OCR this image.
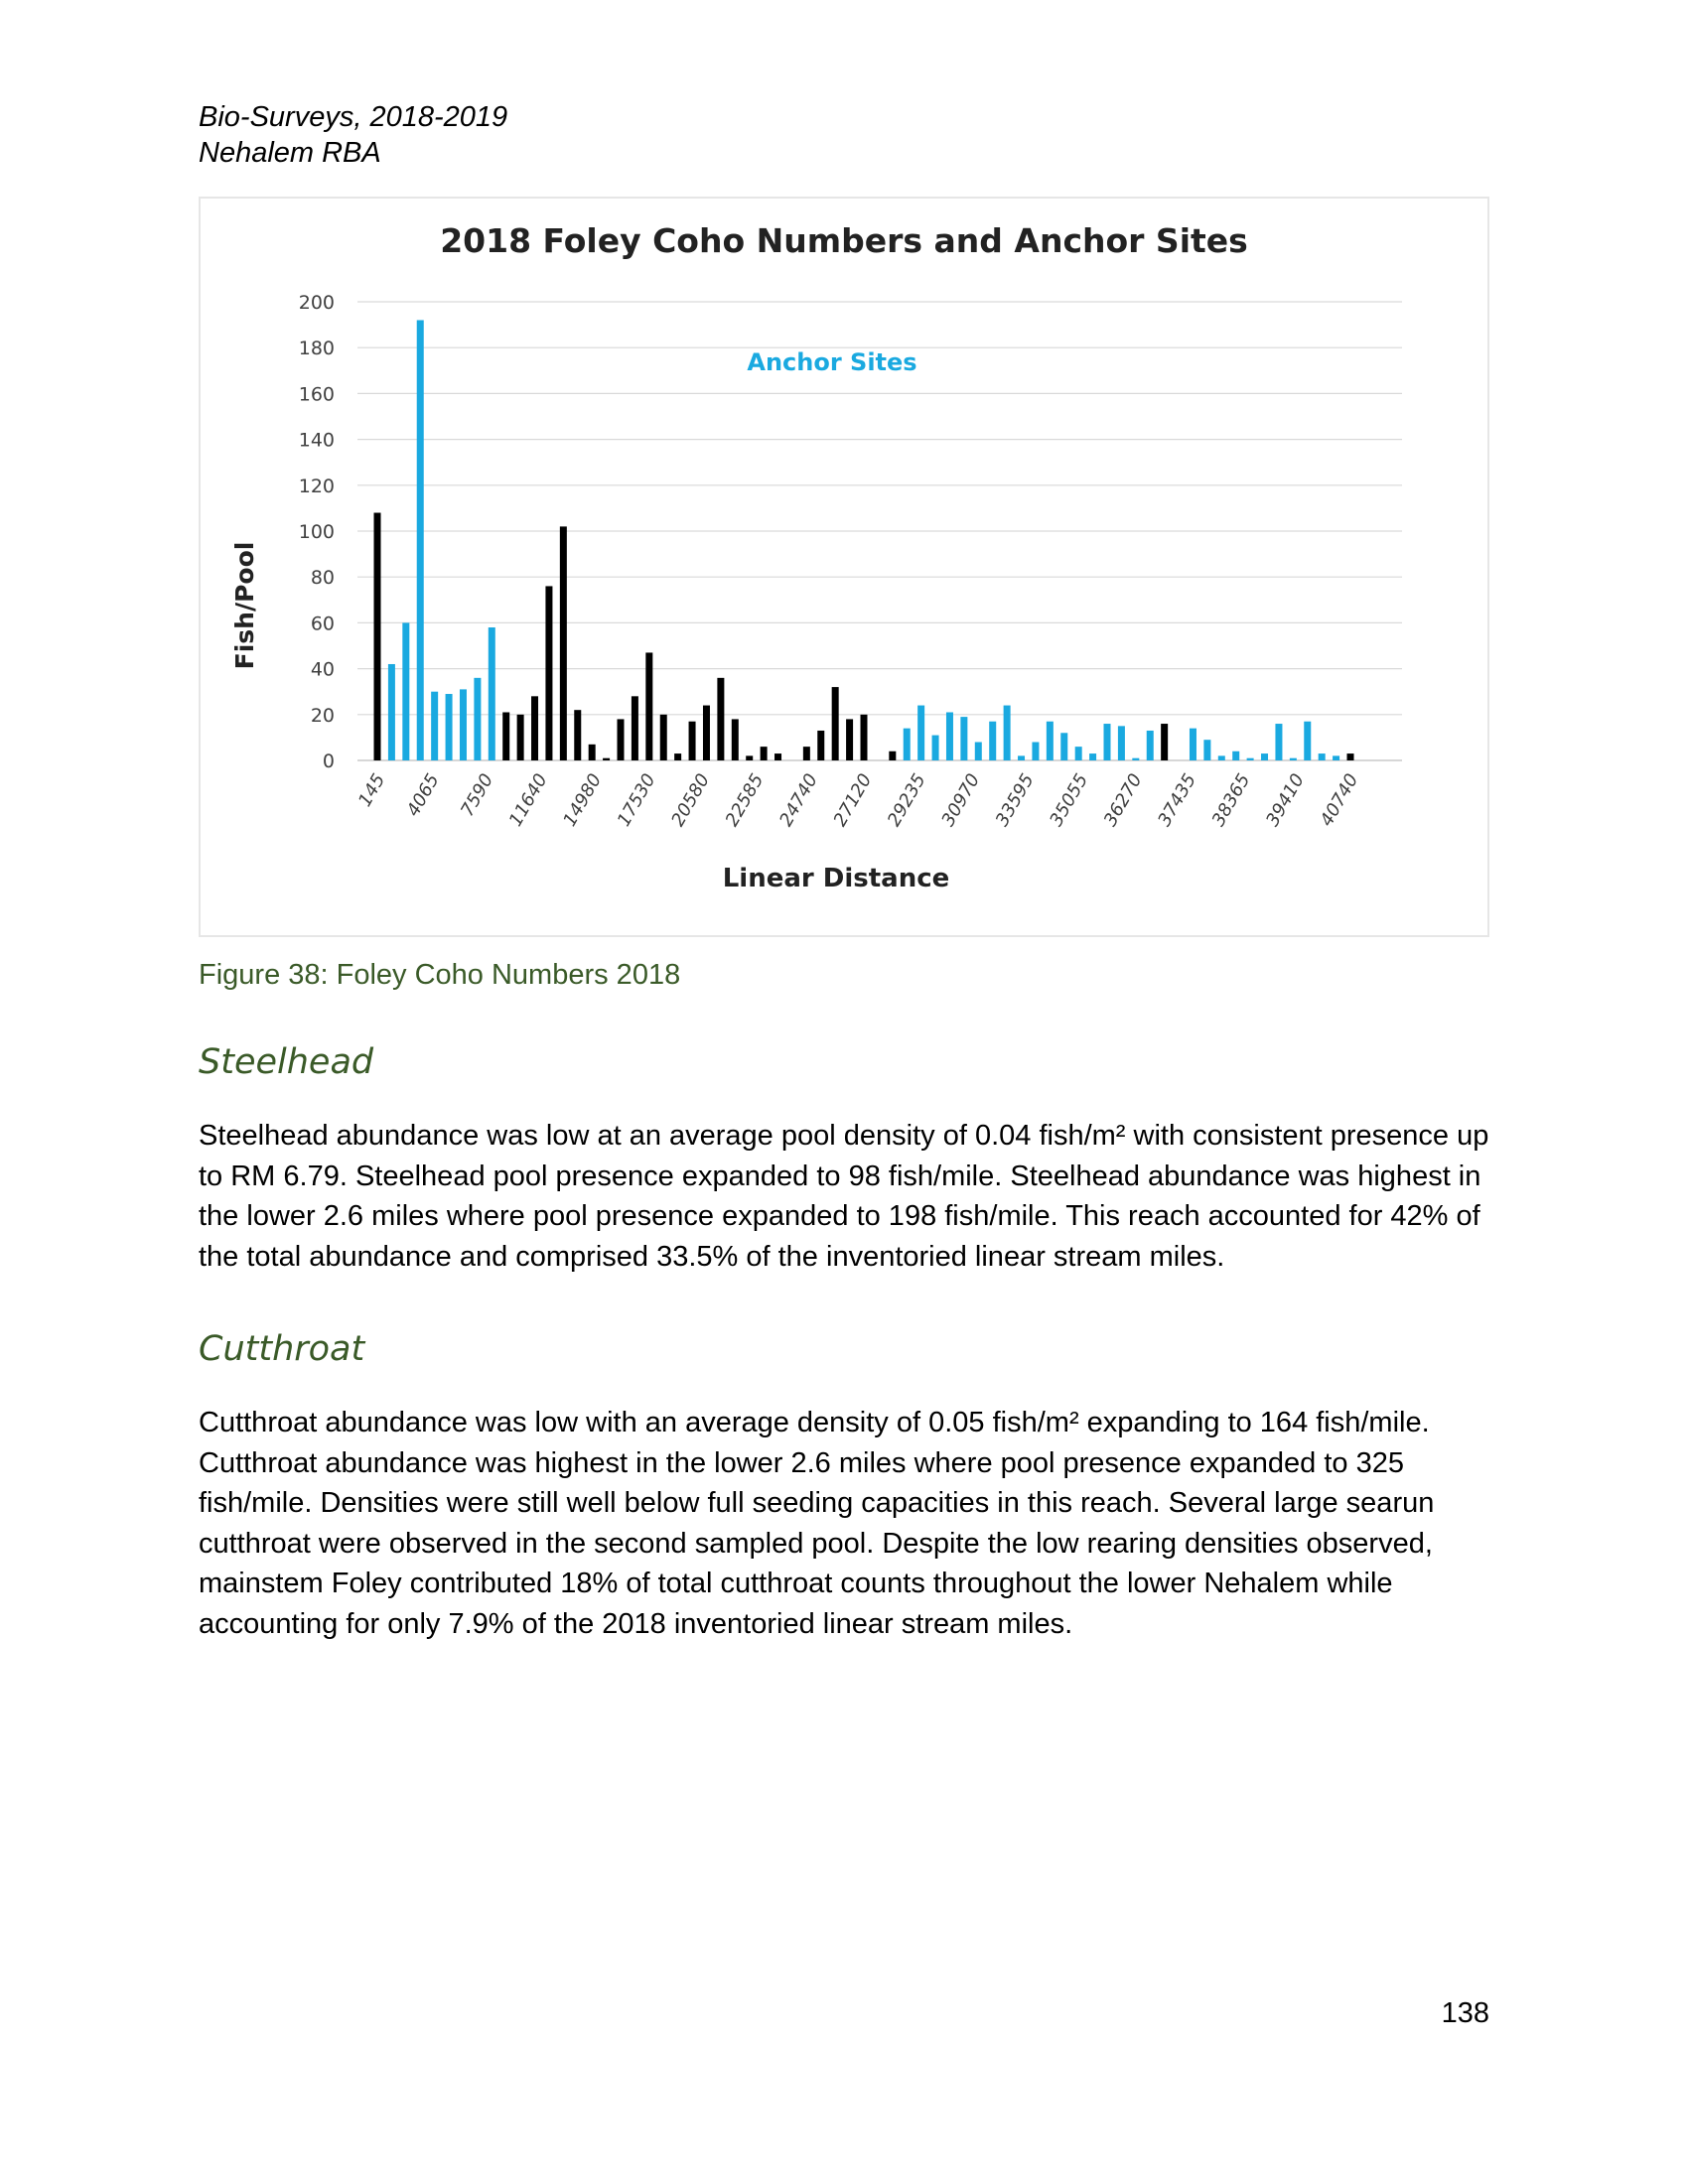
Bio-Surveys, 2018-2019
Nehalem RBA
2018 Foley Coho Numbers and Anchor Sites
Anchor Sites
Fish/Pool
Linear Distance
0
20
40
60
80
100
120
140
160
180
200
145 4065 7590 11640 14980 17530 20580 22585 24740 27120 29235 30970 33595 35055 36270 37435 38365 39410 40740
Figure 38: Foley Coho Numbers 2018
Steelhead

Steelhead abundance was low at an average pool density of 0.04 fish/m² with consistent presence up to RM 6.79. Steelhead pool presence expanded to 98 fish/mile. Steelhead abundance was highest in the lower 2.6 miles where pool presence expanded to 198 fish/mile. This reach accounted for 42% of the total abundance and comprised 33.5% of the inventoried linear stream miles.

Cutthroat

Cutthroat abundance was low with an average density of 0.05 fish/m² expanding to 164 fish/mile. Cutthroat abundance was highest in the lower 2.6 miles where pool presence expanded to 325 fish/mile. Densities were still well below full seeding capacities in this reach. Several large searun cutthroat were observed in the second sampled pool. Despite the low rearing densities observed, mainstem Foley contributed 18% of total cutthroat counts throughout the lower Nehalem while accounting for only 7.9% of the 2018 inventoried linear stream miles.

138
